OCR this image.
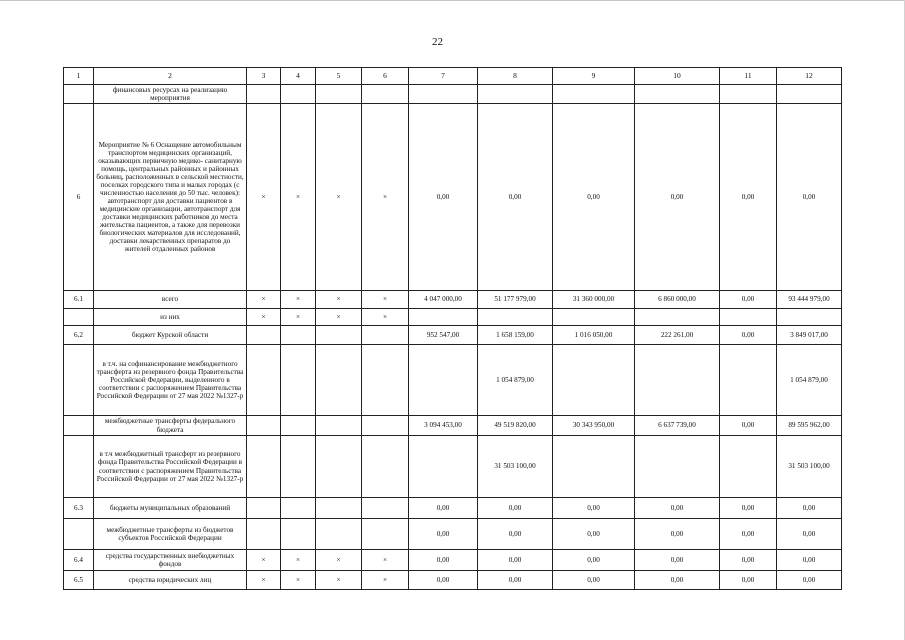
22
1	2	3	4	5	6	7	8	9	10	11	12
	финансовых ресурсах на реализацию мероприятия										
6	Мероприятие № 6 Оснащение автомобильным транспортом медицинских организаций, оказывающих первичную медико- санитарную помощь, центральных районных и районных больниц, расположенных в сельской местности, поселках городского типа и малых городах (с численностью населения до 50 тыс. человек): автотранспорт для доставки пациентов в медицинские организации, автотранспорт для доставки медицинских работников до места жительства пациентов, а также для перевозки биологических материалов для исследований, доставки лекарственных препаратов до жителей отдаленных районов	×	×	×	×	0,00	0,00	0,00	0,00	0,00	0,00
6.1	всего	×	×	×	×	4 047 000,00	51 177 979,00	31 360 000,00	6 860 000,00	0,00	93 444 979,00
	из них	×	×	×	×						
6.2	бюджет Курской области					952 547,00	1 658 159,00	1 016 050,00	222 261,00	0,00	3 849 017,00
	в т.ч. на софинансирование межбюджетного трансферта из резервного фонда Правительства Российской Федерации, выделенного в соответствии с распоряжением Правительства Российской Федерации от 27 мая 2022 №1327-р						1 054 879,00				1 054 879,00
	межбюджетные трансферты федерального бюджета					3 094 453,00	49 519 820,00	30 343 950,00	6 637 739,00	0,00	89 595 962,00
	в т.ч межбюджетный трансферт из резервного фонда Правительства Российской Федерации в соответствии с распоряжением Правительства Российской Федерации от 27 мая 2022 №1327-р						31 503 100,00				31 503 100,00
6.3	бюджеты муниципальных образований					0,00	0,00	0,00	0,00	0,00	0,00
	межбюджетные трансферты из бюджетов субъектов Российской Федерации					0,00	0,00	0,00	0,00	0,00	0,00
6.4	средства государственных внебюджетных фондов	×	×	×	×	0,00	0,00	0,00	0,00	0,00	0,00
6.5	средства юридических лиц	×	×	×	×	0,00	0,00	0,00	0,00	0,00	0,00
